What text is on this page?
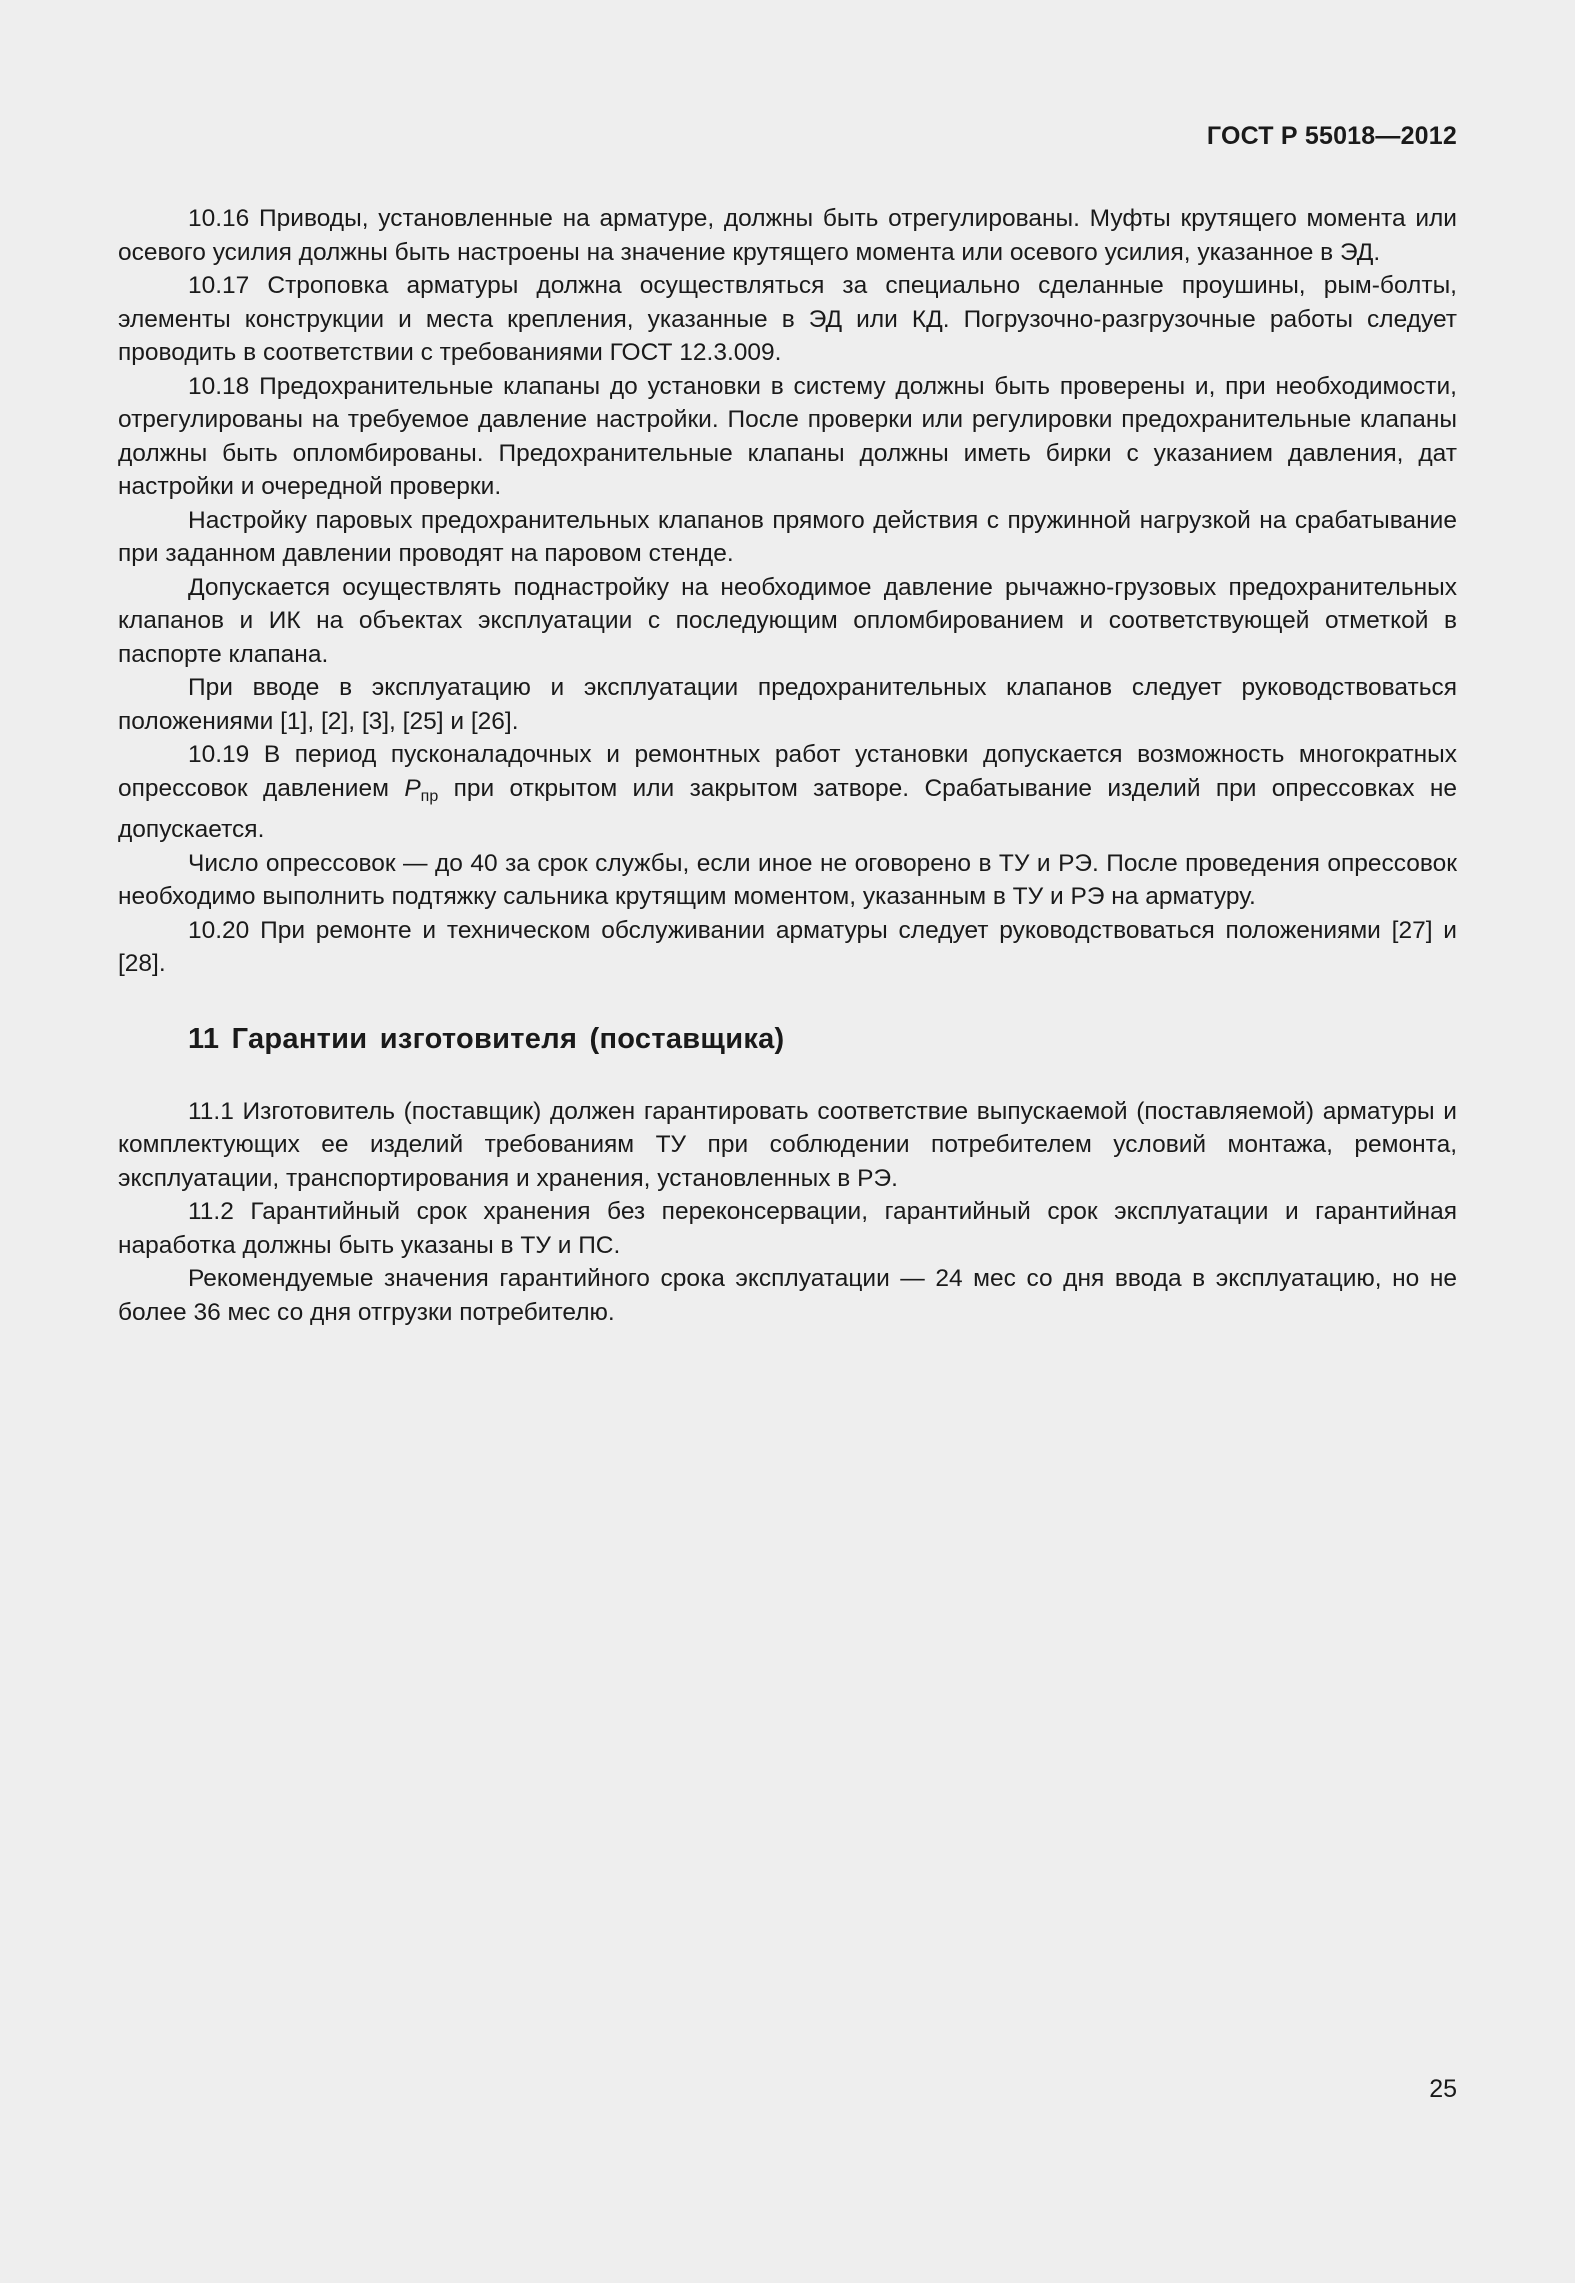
ГОСТ Р 55018—2012

10.16 Приводы, установленные на арматуре, должны быть отрегулированы. Муфты крутящего момента или осевого усилия должны быть настроены на значение крутящего момента или осевого усилия, указанное в ЭД.

10.17 Строповка арматуры должна осуществляться за специально сделанные проушины, рым-болты, элементы конструкции и места крепления, указанные в ЭД или КД. Погрузочно-разгрузочные работы следует проводить в соответствии с требованиями ГОСТ 12.3.009.

10.18 Предохранительные клапаны до установки в систему должны быть проверены и, при необходимости, отрегулированы на требуемое давление настройки. После проверки или регулировки предохранительные клапаны должны быть опломбированы. Предохранительные клапаны должны иметь бирки с указанием давления, дат настройки и очередной проверки.

Настройку паровых предохранительных клапанов прямого действия с пружинной нагрузкой на срабатывание при заданном давлении проводят на паровом стенде.

Допускается осуществлять поднастройку на необходимое давление рычажно-грузовых предохранительных клапанов и ИК на объектах эксплуатации с последующим опломбированием и соответствующей отметкой в паспорте клапана.

При вводе в эксплуатацию и эксплуатации предохранительных клапанов следует руководствоваться положениями [1], [2], [3], [25] и [26].

10.19 В период пусконаладочных и ремонтных работ установки допускается возможность многократных опрессовок давлением $P_{пр}$ при открытом или закрытом затворе. Срабатывание изделий при опрессовках не допускается.

Число опрессовок — до 40 за срок службы, если иное не оговорено в ТУ и РЭ. После проведения опрессовок необходимо выполнить подтяжку сальника крутящим моментом, указанным в ТУ и РЭ на арматуру.

10.20 При ремонте и техническом обслуживании арматуры следует руководствоваться положениями [27] и [28].

11 Гарантии изготовителя (поставщика)

11.1 Изготовитель (поставщик) должен гарантировать соответствие выпускаемой (поставляемой) арматуры и комплектующих ее изделий требованиям ТУ при соблюдении потребителем условий монтажа, ремонта, эксплуатации, транспортирования и хранения, установленных в РЭ.

11.2 Гарантийный срок хранения без переконсервации, гарантийный срок эксплуатации и гарантийная наработка должны быть указаны в ТУ и ПС.

Рекомендуемые значения гарантийного срока эксплуатации — 24 мес со дня ввода в эксплуатацию, но не более 36 мес со дня отгрузки потребителю.

25
